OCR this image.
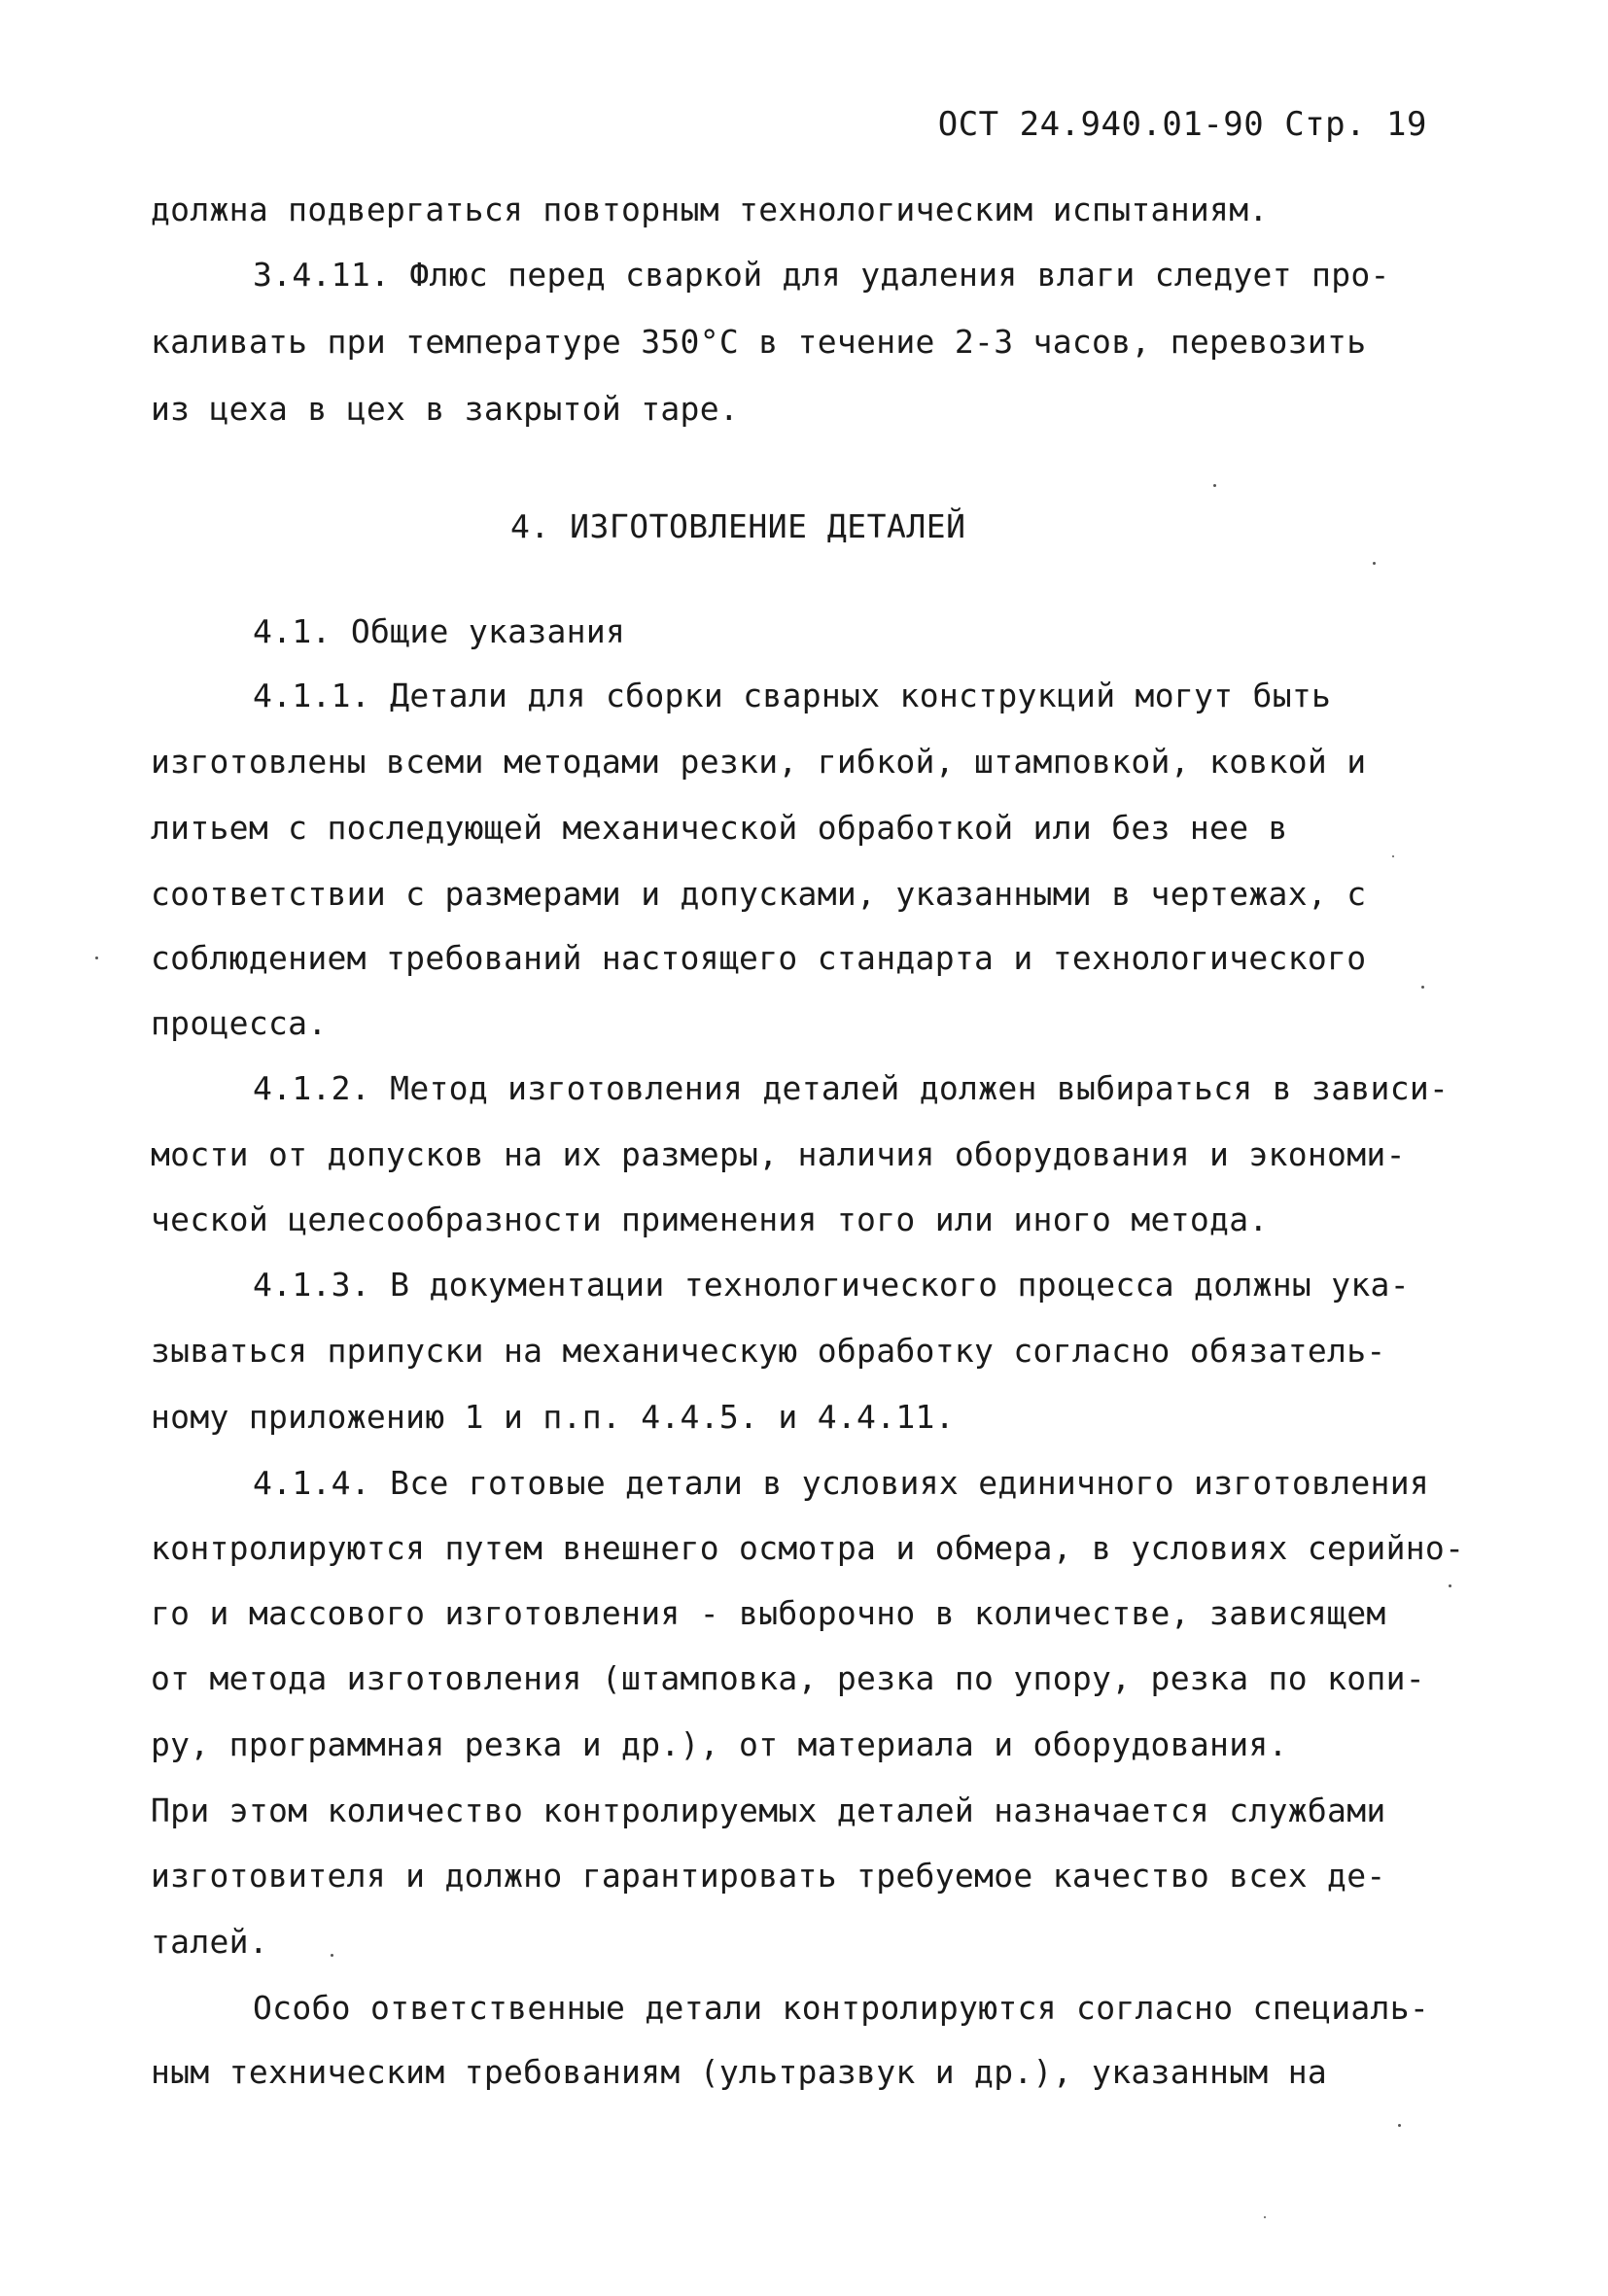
ОСТ 24.940.01-90 Стр. 19
должна подвергаться повторным технологическим испытаниям.
3.4.11. Флюс перед сваркой для удаления влаги следует про-
каливать при температуре 350°С в течение 2-3 часов, перевозить
из цеха в цех в закрытой таре.
4. ИЗГОТОВЛЕНИЕ ДЕТАЛЕЙ
4.1. Общие указания
4.1.1. Детали для сборки сварных конструкций могут быть
изготовлены всеми методами резки, гибкой, штамповкой, ковкой и
литьем с последующей механической обработкой или без нее в
соответствии с размерами и допусками, указанными в чертежах, с
соблюдением требований настоящего стандарта и технологического
процесса.
4.1.2. Метод изготовления деталей должен выбираться в зависи-
мости от допусков на их размеры, наличия оборудования и экономи-
ческой целесообразности применения того или иного метода.
4.1.3. В документации технологического процесса должны ука-
зываться припуски на механическую обработку согласно обязатель-
ному приложению 1 и п.п. 4.4.5. и 4.4.11.
4.1.4. Все готовые детали в условиях единичного изготовления
контролируются путем внешнего осмотра и обмера, в условиях серийно-
го и массового изготовления - выборочно в количестве, зависящем
от метода изготовления (штамповка, резка по упору, резка по копи-
ру, программная резка и др.), от материала и оборудования.
При этом количество контролируемых деталей назначается службами
изготовителя и должно гарантировать требуемое качество всех де-
талей.
Особо ответственные детали контролируются согласно специаль-
ным техническим требованиям (ультразвук и др.), указанным на
